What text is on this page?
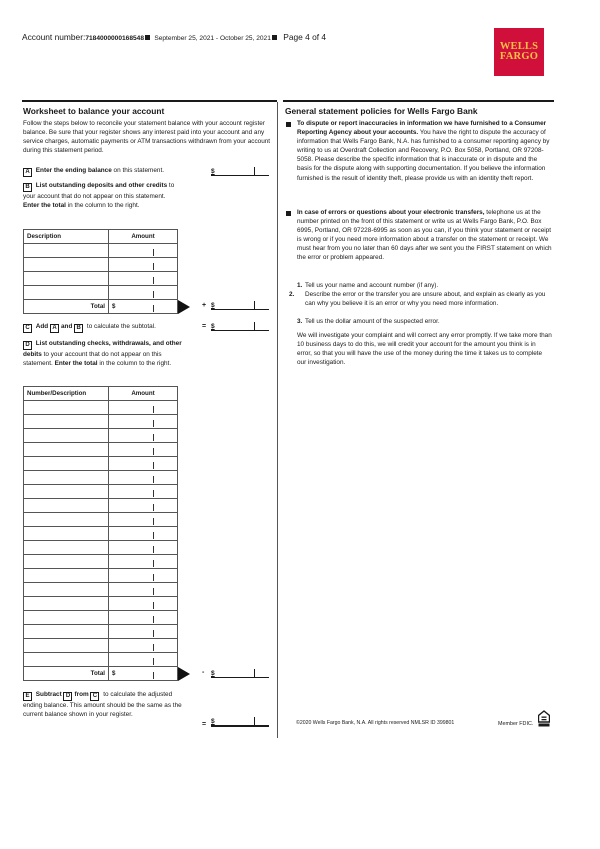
Account number:7184000000168548 September 25, 2021 - October 25, 2021 Page 4 of 4
WELLS
FARGO
Worksheet to balance your account
Follow the steps below to reconcile your statement balance with your account register balance. Be sure that your register shows any interest paid into your account and any service charges, automatic payments or ATM transactions withdrawn from your account during this statement period.
A Enter the ending balance on this statement.	$
B List outstanding deposits and other credits to your account that do not appear on this statement. Enter the total in the column to the right.
Description	Amount

Total	$	+ $
C Add A and B to calculate the subtotal.	= $
D List outstanding checks, withdrawals, and other debits to your account that do not appear on this statement. Enter the total in the column to the right.
Number/Description	Amount

Total	$	- $
E Subtract D from C to calculate the adjusted ending balance. This amount should be the same as the current balance shown in your register.
= $
General statement policies for Wells Fargo Bank
To dispute or report inaccuracies in information we have furnished to a Consumer Reporting Agency about your accounts. You have the right to dispute the accuracy of information that Wells Fargo Bank, N.A. has furnished to a consumer reporting agency by writing to us at Overdraft Collection and Recovery, P.O. Box 5058, Portland, OR 97208-5058. Please describe the specific information that is inaccurate or in dispute and the basis for the dispute along with supporting documentation. If you believe the information furnished is the result of identity theft, please provide us with an identity theft report.
In case of errors or questions about your electronic transfers, telephone us at the number printed on the front of this statement or write us at Wells Fargo Bank, P.O. Box 6995, Portland, OR 97228-6995 as soon as you can, if you think your statement or receipt is wrong or if you need more information about a transfer on the statement or receipt. We must hear from you no later than 60 days after we sent you the FIRST statement on which the error or problem appeared.
1. Tell us your name and account number (if any).
2. Describe the error or the transfer you are unsure about, and explain as clearly as you can why you believe it is an error or why you need more information.
3. Tell us the dollar amount of the suspected error.
We will investigate your complaint and will correct any error promptly. If we take more than 10 business days to do this, we will credit your account for the amount you think is in error, so that you will have the use of the money during the time it takes us to complete our investigation.
©2020 Wells Fargo Bank, N.A. All rights reserved NMLSR ID 399801	Member FDIC.
